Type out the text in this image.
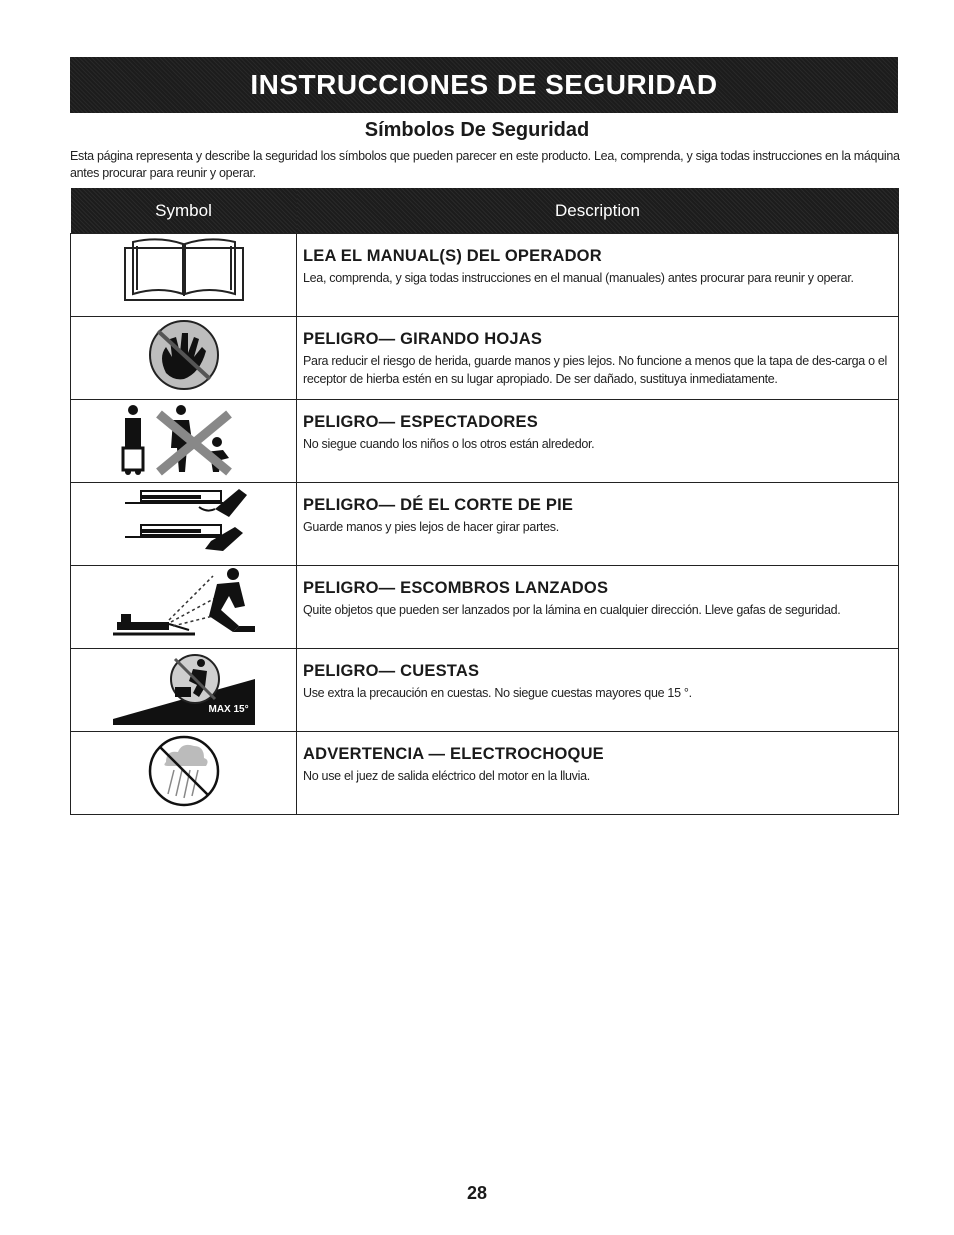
INSTRUCCIONES DE SEGURIDAD
Símbolos De Seguridad
Esta página representa y describe la seguridad los símbolos que pueden parecer en este producto. Lea, comprenda, y siga todas instrucciones en la máquina antes procurar para reunir y operar.
Symbol	Description

LEA EL MANUAL(S) DEL OPERADOR
Lea, comprenda, y siga todas instrucciones en el manual (manuales) antes procurar para reunir y operar.

PELIGRO— GIRANDO HOJAS
Para reducir el riesgo de herida, guarde manos y pies lejos. No funcione a menos que la tapa de des-carga o el receptor de hierba estén en su lugar apropiado. De ser dañado, sustituya inmediatamente.

PELIGRO— ESPECTADORES
No siegue cuando los niños o los otros están alrededor.

PELIGRO— DÉ EL CORTE DE PIE
Guarde manos y pies lejos de hacer girar partes.

PELIGRO— ESCOMBROS LANZADOS
Quite objetos que pueden ser lanzados por la lámina en cualquier dirección. Lleve gafas de seguridad.

MAX 15°	PELIGRO— CUESTAS
Use extra la precaución en cuestas. No siegue cuestas mayores que 15 °.

ADVERTENCIA — ELECTROCHOQUE
No use el juez de salida eléctrico del motor en la lluvia.
28
